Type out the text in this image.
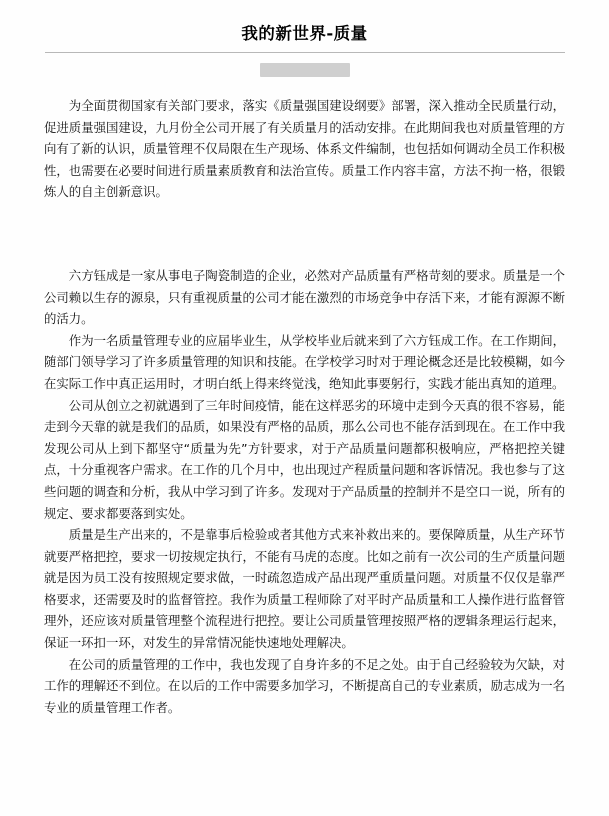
我的新世界-质量

为全面贯彻国家有关部门要求，落实《质量强国建设纲要》部署，深入推动全民质量行动，促进质量强国建设，九月份全公司开展了有关质量月的活动安排。在此期间我也对质量管理的方向有了新的认识，质量管理不仅局限在生产现场、体系文件编制，也包括如何调动全员工作积极性，也需要在必要时间进行质量素质教育和法治宣传。质量工作内容丰富，方法不拘一格，很锻炼人的自主创新意识。

六方钰成是一家从事电子陶瓷制造的企业，必然对产品质量有严格苛刻的要求。质量是一个公司赖以生存的源泉，只有重视质量的公司才能在激烈的市场竞争中存活下来，才能有源源不断的活力。

作为一名质量管理专业的应届毕业生，从学校毕业后就来到了六方钰成工作。在工作期间，随部门领导学习了许多质量管理的知识和技能。在学校学习时对于理论概念还是比较模糊，如今在实际工作中真正运用时，才明白纸上得来终觉浅，绝知此事要躬行，实践才能出真知的道理。

公司从创立之初就遇到了三年时间疫情，能在这样恶劣的环境中走到今天真的很不容易，能走到今天靠的就是我们的品质，如果没有严格的品质，那么公司也不能存活到现在。在工作中我发现公司从上到下都坚守“质量为先”方针要求，对于产品质量问题都积极响应，严格把控关键点，十分重视客户需求。在工作的几个月中，也出现过产程质量问题和客诉情况。我也参与了这些问题的调查和分析，我从中学习到了许多。发现对于产品质量的控制并不是空口一说，所有的规定、要求都要落到实处。

质量是生产出来的，不是靠事后检验或者其他方式来补救出来的。要保障质量，从生产环节就要严格把控，要求一切按规定执行，不能有马虎的态度。比如之前有一次公司的生产质量问题就是因为员工没有按照规定要求做，一时疏忽造成产品出现严重质量问题。对质量不仅仅是靠严格要求，还需要及时的监督管控。我作为质量工程师除了对平时产品质量和工人操作进行监督管理外，还应该对质量管理整个流程进行把控。要让公司质量管理按照严格的逻辑条理运行起来，保证一环扣一环，对发生的异常情况能快速地处理解决。

在公司的质量管理的工作中，我也发现了自身许多的不足之处。由于自己经验较为欠缺，对工作的理解还不到位。在以后的工作中需要多加学习，不断提高自己的专业素质，励志成为一名专业的质量管理工作者。
